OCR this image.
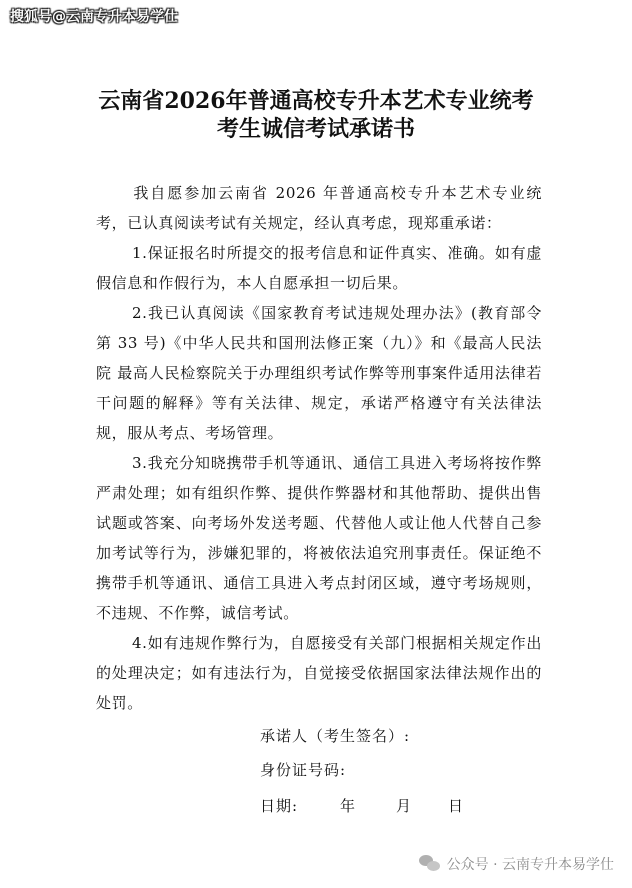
搜狐号@云南专升本易学仕
云南省2026年普通高校专升本艺术专业统考
考生诚信考试承诺书
我自愿参加云南省 2026 年普通高校专升本艺术专业统考，已认真阅读考试有关规定，经认真考虑，现郑重承诺：
1.保证报名时所提交的报考信息和证件真实、准确。如有虚假信息和作假行为，本人自愿承担一切后果。
2.我已认真阅读《国家教育考试违规处理办法》(教育部令第 33 号)《中华人民共和国刑法修正案（九）》和《最高人民法院 最高人民检察院关于办理组织考试作弊等刑事案件适用法律若干问题的解释》等有关法律、规定，承诺严格遵守有关法律法规，服从考点、考场管理。
3.我充分知晓携带手机等通讯、通信工具进入考场将按作弊严肃处理；如有组织作弊、提供作弊器材和其他帮助、提供出售试题或答案、向考场外发送考题、代替他人或让他人代替自己参加考试等行为，涉嫌犯罪的，将被依法追究刑事责任。保证绝不携带手机等通讯、通信工具进入考点封闭区域，遵守考场规则，不违规、不作弊，诚信考试。
4.如有违规作弊行为，自愿接受有关部门根据相关规定作出的处理决定；如有违法行为，自觉接受依据国家法律法规作出的处罚。
承诺人（考生签名）:
身份证号码:
日期:	年	月 日
公众号 · 云南专升本易学仕
